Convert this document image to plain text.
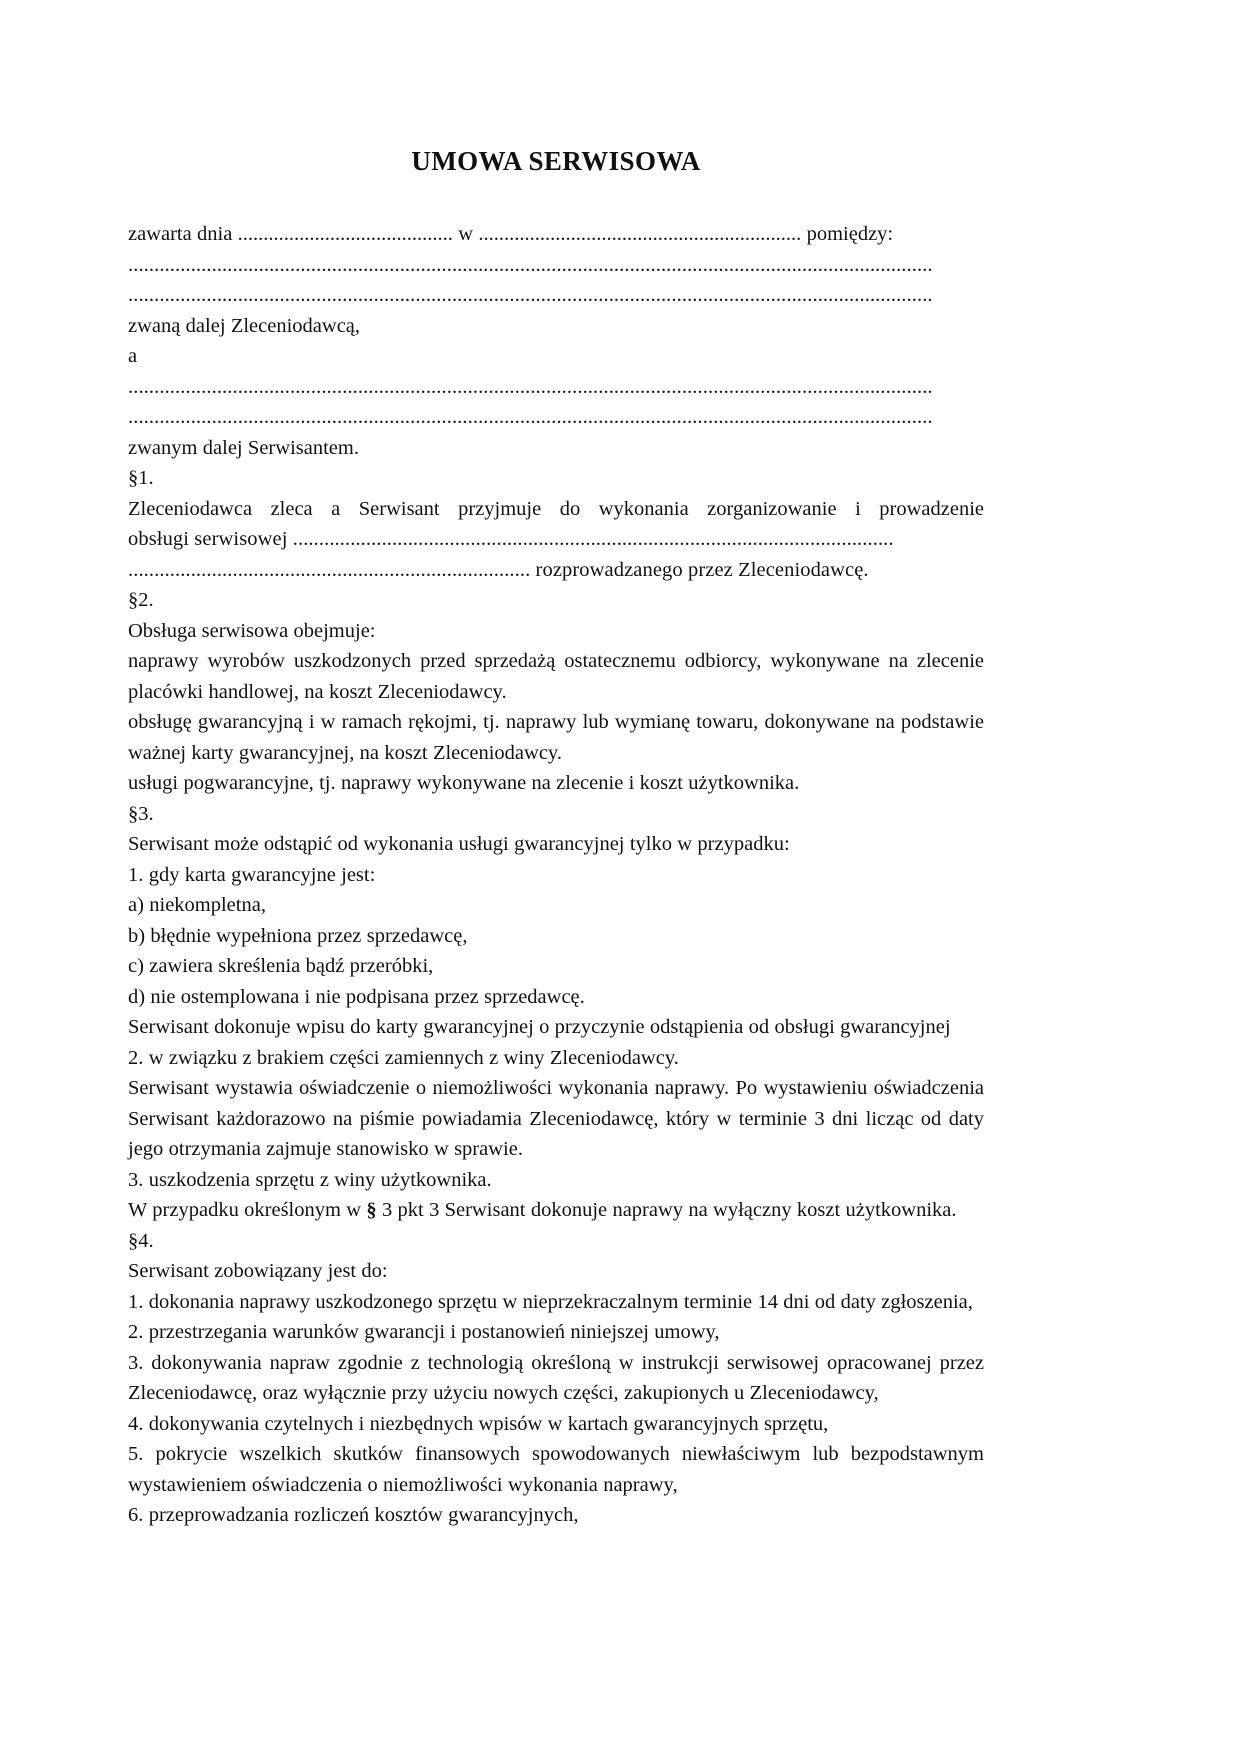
UMOWA SERWISOWA

zawarta dnia .......................................... w ............................................................... pomiędzy:

..........................................................................................................................................................

..........................................................................................................................................................

zwaną dalej Zleceniodawcą,

a

..........................................................................................................................................................

..........................................................................................................................................................

zwanym dalej Serwisantem.

§1.

Zleceniodawca zleca a Serwisant przyjmuje do wykonania zorganizowanie i prowadzenie

obsługi serwisowej ...................................................................................................................

............................................................................. rozprowadzanego przez Zleceniodawcę.

§2.

Obsługa serwisowa obejmuje:

naprawy wyrobów uszkodzonych przed sprzedażą ostatecznemu odbiorcy, wykonywane na zlecenie placówki handlowej, na koszt Zleceniodawcy.

obsługę gwarancyjną i w ramach rękojmi, tj. naprawy lub wymianę towaru, dokonywane na podstawie ważnej karty gwarancyjnej, na koszt Zleceniodawcy.

usługi pogwarancyjne, tj. naprawy wykonywane na zlecenie i koszt użytkownika.

§3.

Serwisant może odstąpić od wykonania usługi gwarancyjnej tylko w przypadku:

1. gdy karta gwarancyjne jest:

a) niekompletna,

b) błędnie wypełniona przez sprzedawcę,

c) zawiera skreślenia bądź przeróbki,

d) nie ostemplowana i nie podpisana przez sprzedawcę.

Serwisant dokonuje wpisu do karty gwarancyjnej o przyczynie odstąpienia od obsługi gwarancyjnej

2. w związku z brakiem części zamiennych z winy Zleceniodawcy.

Serwisant wystawia oświadczenie o niemożliwości wykonania naprawy. Po wystawieniu oświadczenia Serwisant każdorazowo na piśmie powiadamia Zleceniodawcę, który w terminie 3 dni licząc od daty jego otrzymania zajmuje stanowisko w sprawie.

3. uszkodzenia sprzętu z winy użytkownika.

W przypadku określonym w § 3 pkt 3 Serwisant dokonuje naprawy na wyłączny koszt użytkownika.

§4.

Serwisant zobowiązany jest do:

1. dokonania naprawy uszkodzonego sprzętu w nieprzekraczalnym terminie 14 dni od daty zgłoszenia,

2. przestrzegania warunków gwarancji i postanowień niniejszej umowy,

3. dokonywania napraw zgodnie z technologią określoną w instrukcji serwisowej opracowanej przez Zleceniodawcę, oraz wyłącznie przy użyciu nowych części, zakupionych u Zleceniodawcy,

4. dokonywania czytelnych i niezbędnych wpisów w kartach gwarancyjnych sprzętu,

5. pokrycie wszelkich skutków finansowych spowodowanych niewłaściwym lub bezpodstawnym wystawieniem oświadczenia o niemożliwości wykonania naprawy,

6. przeprowadzania rozliczeń kosztów gwarancyjnych,
